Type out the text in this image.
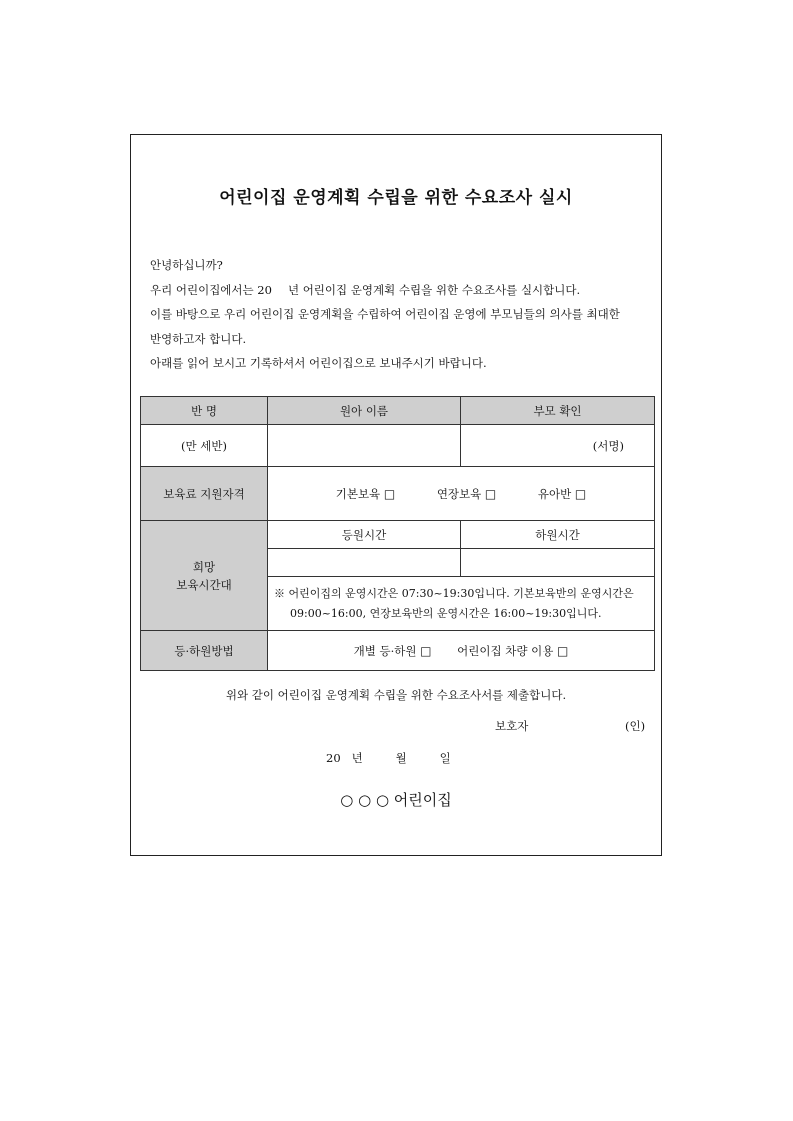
어린이집 운영계획 수립을 위한 수요조사 실시
안녕하십니까?
우리 어린이집에서는 20 년 어린이집 운영계획 수립을 위한 수요조사를 실시합니다.
이를 바탕으로 우리 어린이집 운영계획을 수립하여 어린이집 운영에 부모님들의 의사를 최대한
반영하고자 합니다.
아래를 읽어 보시고 기록하셔서 어린이집으로 보내주시기 바랍니다.
반 명	원아 이름	부모 확인
(만 세반)		(서명)
보육료 지원자격	기본보육 □ 연장보육 □ 유아반 □	

희망
보육시간대	등원시간	하원시간

	※ 어린이집의 운영시간은 07:30~19:30입니다. 기본보육반의 운영시간은
09:00~16:00, 연장보육반의 운영시간은 16:00~19:30입니다.	

등·하원방법	개별 등·하원 □ 어린이집 차량 이용 □	
위와 같이 어린이집 운영계획 수립을 위한 수요조사서를 제출합니다.
보호자	(인)
20 년	월	일
○ ○ ○ 어린이집
